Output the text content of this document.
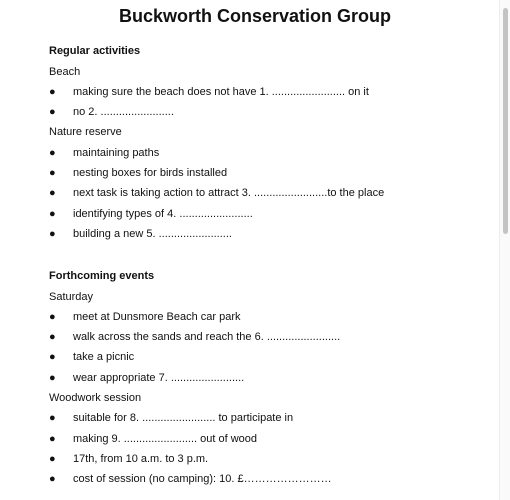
Buckworth Conservation Group
Regular activities
Beach
● making sure the beach does not have 1. ........................ on it
● no 2. ........................
Nature reserve
● maintaining paths
● nesting boxes for birds installed
● next task is taking action to attract 3. ........................to the place
● identifying types of 4. ........................
● building a new 5. ........................
Forthcoming events
Saturday
● meet at Dunsmore Beach car park
● walk across the sands and reach the 6. ........................
● take a picnic
● wear appropriate 7. ........................
Woodwork session
● suitable for 8. ........................ to participate in
● making 9. ........................ out of wood
● 17th, from 10 a.m. to 3 p.m.
● cost of session (no camping): 10. £……………………
